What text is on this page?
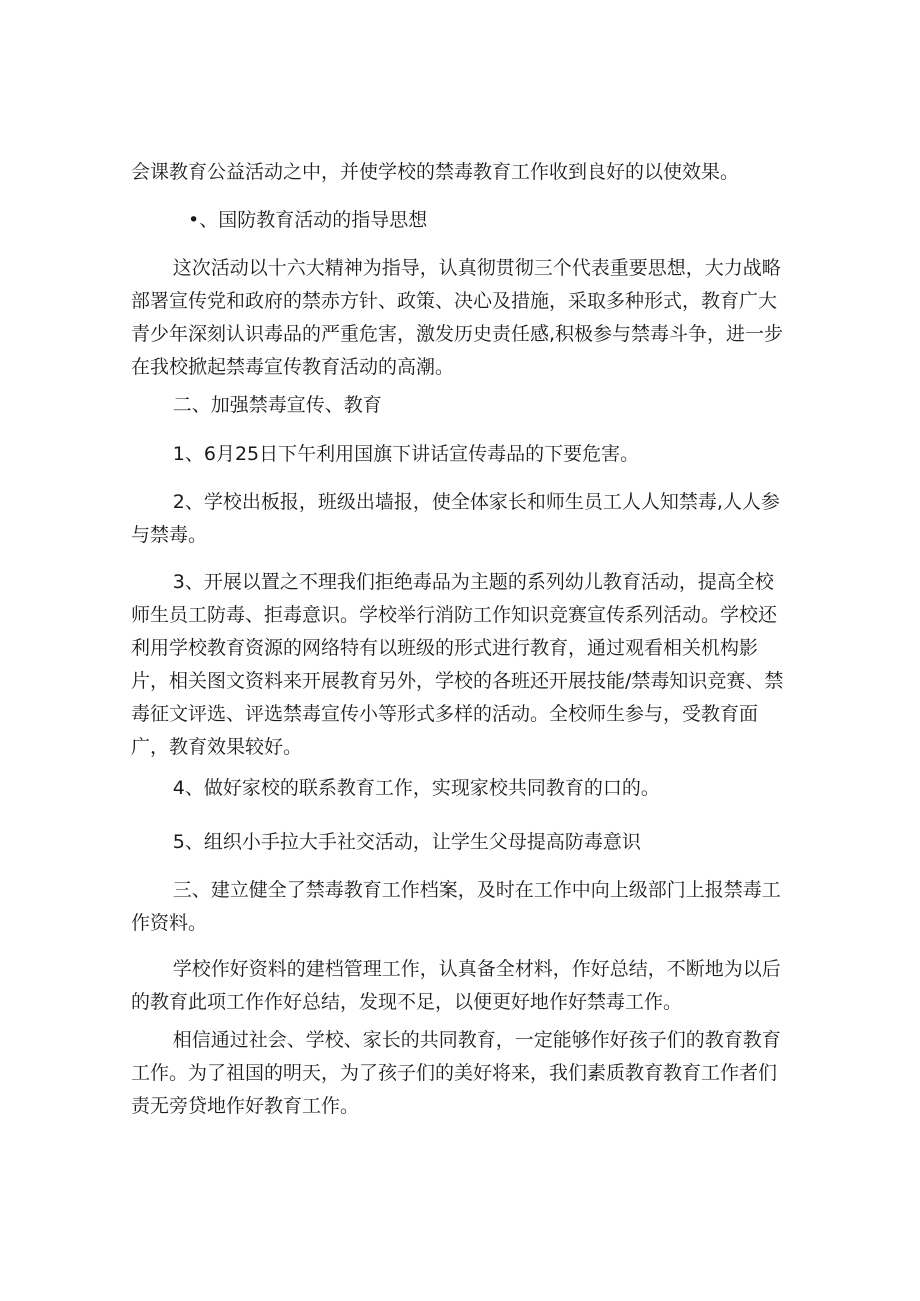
会课教育公益活动之中，并使学校的禁毒教育工作收到良好的以使效果。

•、国防教育活动的指导思想

这次活动以十六大精神为指导，认真彻贯彻三个代表重要思想，大力战略部署宣传党和政府的禁赤方针、政策、决心及措施，采取多种形式，教育广大青少年深刻认识毒品的严重危害，激发历史责任感,积极参与禁毒斗争，进一步在我校掀起禁毒宣传教育活动的高潮。

二、加强禁毒宣传、教育

1、6月25日下午利用国旗下讲话宣传毒品的下要危害。

2、学校出板报，班级出墙报，使全体家长和师生员工人人知禁毒,人人参与禁毒。

3、开展以置之不理我们拒绝毒品为主题的系列幼儿教育活动，提高全校师生员工防毒、拒毒意识。学校举行消防工作知识竞赛宣传系列活动。学校还利用学校教育资源的网络特有以班级的形式进行教育，通过观看相关机构影片，相关图文资料来开展教育另外，学校的各班还开展技能/禁毒知识竞赛、禁毒征文评选、评选禁毒宣传小等形式多样的活动。全校师生参与，受教育面广，教育效果较好。

4、做好家校的联系教育工作，实现家校共同教育的口的。

5、组织小手拉大手社交活动，让学生父母提高防毒意识

三、建立健全了禁毒教育工作档案，及时在工作中向上级部门上报禁毒工作资料。

学校作好资料的建档管理工作，认真备全材料，作好总结，不断地为以后的教育此项工作作好总结，发现不足，以便更好地作好禁毒工作。

相信通过社会、学校、家长的共同教育，一定能够作好孩子们的教育教育工作。为了祖国的明天，为了孩子们的美好将来，我们素质教育教育工作者们责无旁贷地作好教育工作。
